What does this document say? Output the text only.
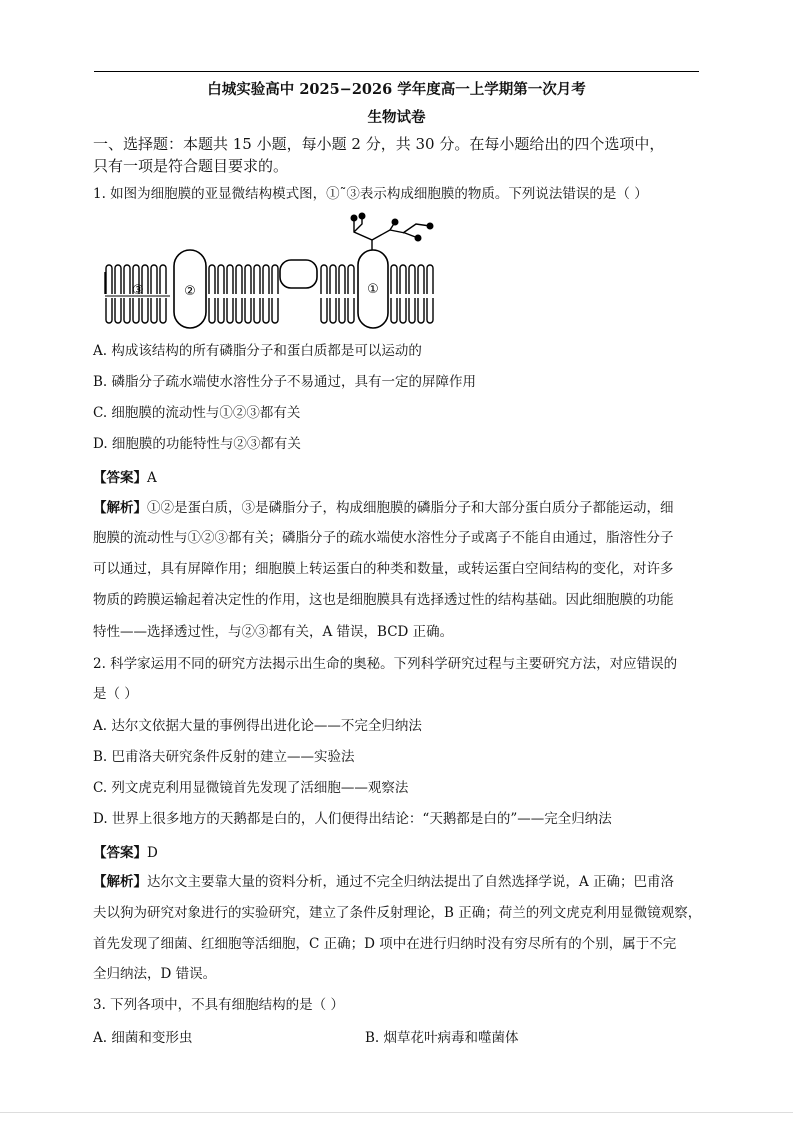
白城实验高中 2025−2026 学年度高一上学期第一次月考
生物试卷
一、选择题：本题共 15 小题，每小题 2 分，共 30 分。在每小题给出的四个选项中，
只有一项是符合题目要求的。
1. 如图为细胞膜的亚显微结构模式图，①˜③表示构成细胞膜的物质。下列说法错误的是（ ）
③	②	①
A. 构成该结构的所有磷脂分子和蛋白质都是可以运动的
B. 磷脂分子疏水端使水溶性分子不易通过，具有一定的屏障作用
C. 细胞膜的流动性与①②③都有关
D. 细胞膜的功能特性与②③都有关
【答案】A
【解析】①②是蛋白质，③是磷脂分子，构成细胞膜的磷脂分子和大部分蛋白质分子都能运动，细
胞膜的流动性与①②③都有关；磷脂分子的疏水端使水溶性分子或离子不能自由通过，脂溶性分子
可以通过，具有屏障作用；细胞膜上转运蛋白的种类和数量，或转运蛋白空间结构的变化，对许多
物质的跨膜运输起着决定性的作用，这也是细胞膜具有选择透过性的结构基础。因此细胞膜的功能
特性——选择透过性，与②③都有关，A 错误，BCD 正确。
2. 科学家运用不同的研究方法揭示出生命的奥秘。下列科学研究过程与主要研究方法，对应错误的
是（ ）
A. 达尔文依据大量的事例得出进化论——不完全归纳法
B. 巴甫洛夫研究条件反射的建立——实验法
C. 列文虎克利用显微镜首先发现了活细胞——观察法
D. 世界上很多地方的天鹅都是白的，人们便得出结论：“天鹅都是白的”——完全归纳法
【答案】D
【解析】达尔文主要靠大量的资料分析，通过不完全归纳法提出了自然选择学说，A 正确；巴甫洛
夫以狗为研究对象进行的实验研究，建立了条件反射理论，B 正确；荷兰的列文虎克利用显微镜观察，
首先发现了细菌、红细胞等活细胞，C 正确；D 项中在进行归纳时没有穷尽所有的个别，属于不完
全归纳法，D 错误。
3. 下列各项中，不具有细胞结构的是（ ）
A. 细菌和变形虫	B. 烟草花叶病毒和噬菌体
